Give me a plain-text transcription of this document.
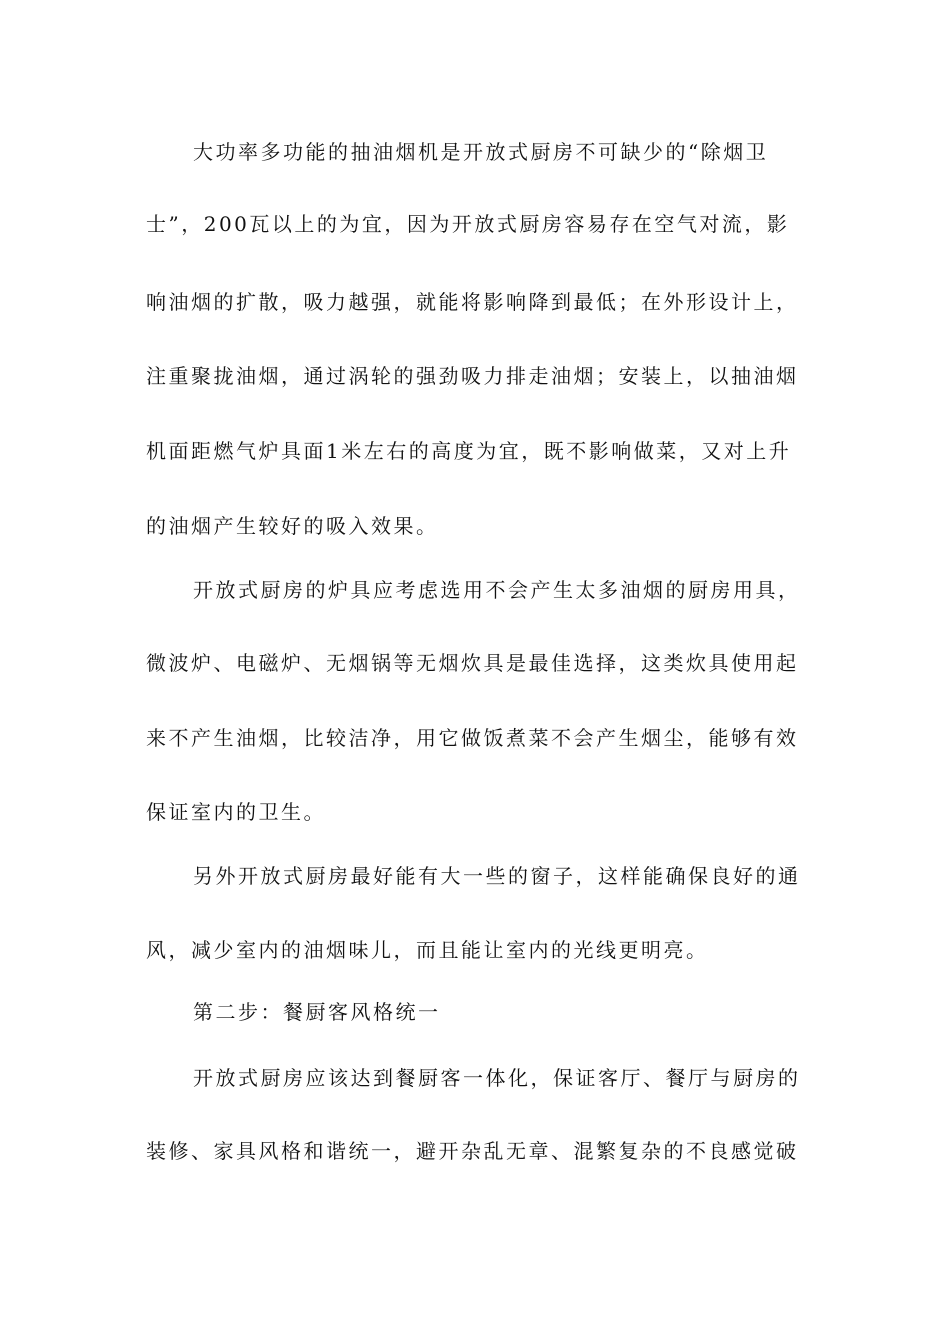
大功率多功能的抽油烟机是开放式厨房不可缺少的“除烟卫

士”，200瓦以上的为宜，因为开放式厨房容易存在空气对流，影

响油烟的扩散，吸力越强，就能将影响降到最低；在外形设计上，

注重聚拢油烟，通过涡轮的强劲吸力排走油烟；安装上，以抽油烟

机面距燃气炉具面1米左右的高度为宜，既不影响做菜，又对上升

的油烟产生较好的吸入效果。

开放式厨房的炉具应考虑选用不会产生太多油烟的厨房用具，

微波炉、电磁炉、无烟锅等无烟炊具是最佳选择，这类炊具使用起

来不产生油烟，比较洁净，用它做饭煮菜不会产生烟尘，能够有效

保证室内的卫生。

另外开放式厨房最好能有大一些的窗子，这样能确保良好的通

风，减少室内的油烟味儿，而且能让室内的光线更明亮。

第二步：餐厨客风格统一

开放式厨房应该达到餐厨客一体化，保证客厅、餐厅与厨房的

装修、家具风格和谐统一，避开杂乱无章、混繁复杂的不良感觉破
